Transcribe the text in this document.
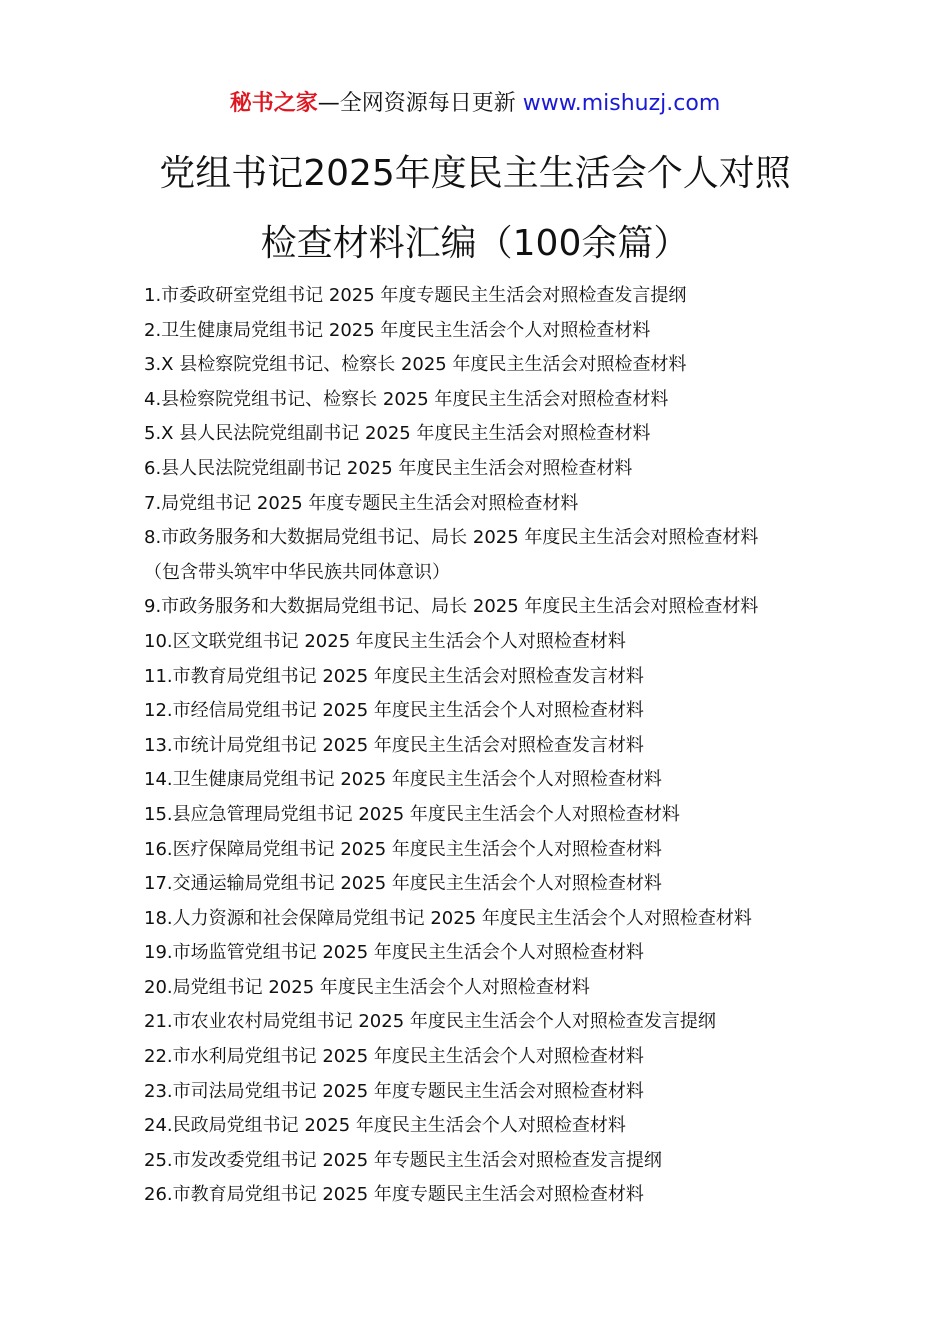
秘书之家—全网资源每日更新 www.mishuzj.com
党组书记2025年度民主生活会个人对照
检查材料汇编（100余篇）
1.市委政研室党组书记 2025 年度专题民主生活会对照检查发言提纲
2.卫生健康局党组书记 2025 年度民主生活会个人对照检查材料
3.X 县检察院党组书记、检察长 2025 年度民主生活会对照检查材料
4.县检察院党组书记、检察长 2025 年度民主生活会对照检查材料
5.X 县人民法院党组副书记 2025 年度民主生活会对照检查材料
6.县人民法院党组副书记 2025 年度民主生活会对照检查材料
7.局党组书记 2025 年度专题民主生活会对照检查材料
8.市政务服务和大数据局党组书记、局长 2025 年度民主生活会对照检查材料
（包含带头筑牢中华民族共同体意识）
9.市政务服务和大数据局党组书记、局长 2025 年度民主生活会对照检查材料
10.区文联党组书记 2025 年度民主生活会个人对照检查材料
11.市教育局党组书记 2025 年度民主生活会对照检查发言材料
12.市经信局党组书记 2025 年度民主生活会个人对照检查材料
13.市统计局党组书记 2025 年度民主生活会对照检查发言材料
14.卫生健康局党组书记 2025 年度民主生活会个人对照检查材料
15.县应急管理局党组书记 2025 年度民主生活会个人对照检查材料
16.医疗保障局党组书记 2025 年度民主生活会个人对照检查材料
17.交通运输局党组书记 2025 年度民主生活会个人对照检查材料
18.人力资源和社会保障局党组书记 2025 年度民主生活会个人对照检查材料
19.市场监管党组书记 2025 年度民主生活会个人对照检查材料
20.局党组书记 2025 年度民主生活会个人对照检查材料
21.市农业农村局党组书记 2025 年度民主生活会个人对照检查发言提纲
22.市水利局党组书记 2025 年度民主生活会个人对照检查材料
23.市司法局党组书记 2025 年度专题民主生活会对照检查材料
24.民政局党组书记 2025 年度民主生活会个人对照检查材料
25.市发改委党组书记 2025 年专题民主生活会对照检查发言提纲
26.市教育局党组书记 2025 年度专题民主生活会对照检查材料
